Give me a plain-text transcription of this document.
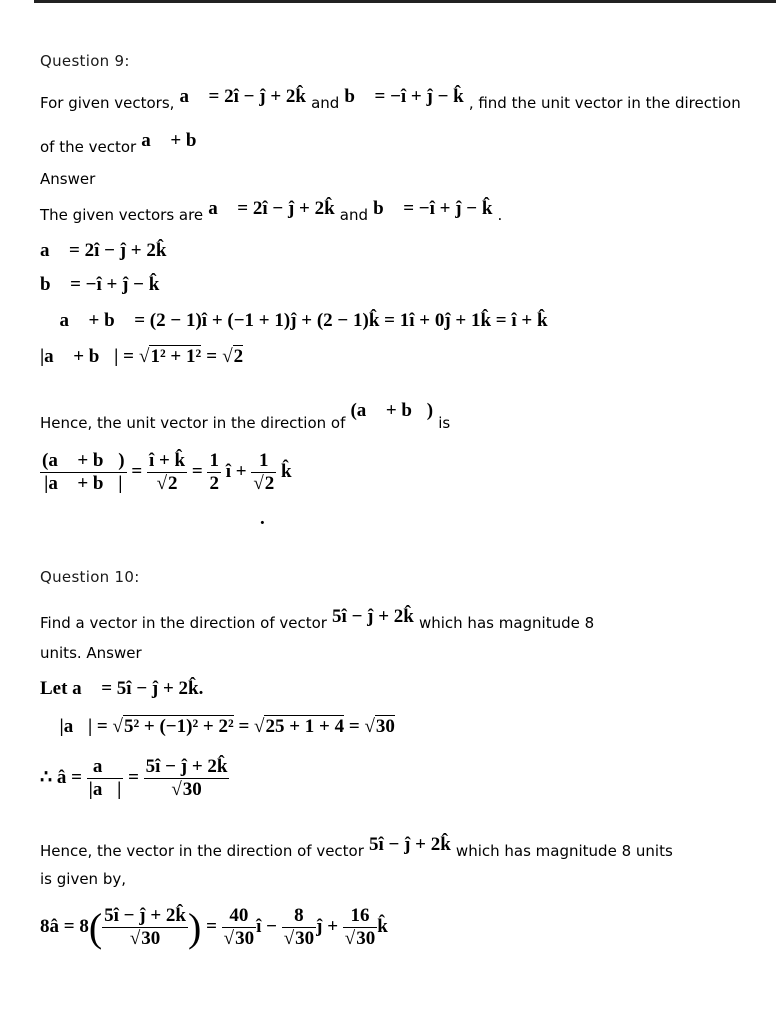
Question 9:
For given vectors, a⃗ = 2î − ĵ + 2k̂ and b⃗ = −î + ĵ − k̂ , find the unit vector in the direction
of the vector a⃗ + b⃗
Answer
The given vectors are a⃗ = 2î − ĵ + 2k̂ and b⃗ = −î + ĵ − k̂ .
a⃗ = 2î − ĵ + 2k̂
b⃗ = −î + ĵ − k̂
∴ a⃗ + b⃗ = (2 − 1)î + (−1 + 1)ĵ + (2 − 1)k̂ = 1î + 0ĵ + 1k̂ = î + k̂
|a⃗ + b⃗| = √1² + 1² = √2
Hence, the unit vector in the direction of (a⃗ + b⃗) is
$\frac{(a⃗ + b⃗)}{|a⃗ + b⃗|} = \frac{î + k̂}{√2} = \frac{1}{2}$ î + $\frac{1}{√2}$ k̂
.
Question 10:
Find a vector in the direction of vector 5î − ĵ + 2k̂ which has magnitude 8
units. Answer
Let a⃗ = 5î − ĵ + 2k̂.
∴ |a⃗| = √5² + (−1)² + 2² = √25 + 1 + 4 = √30
∴ â = $\frac{a⃗}{|a⃗|} = \frac{5î - ĵ + 2k̂}{√30}$
Hence, the vector in the direction of vector 5î − ĵ + 2k̂ which has magnitude 8 units
is given by,
8â = $8( \frac{5î - ĵ + 2k̂}{√30}$ ) = $\frac{40}{√30}$ î − $\frac{8}{√30}$ ĵ + $\frac{16}{√30}$ k̂
